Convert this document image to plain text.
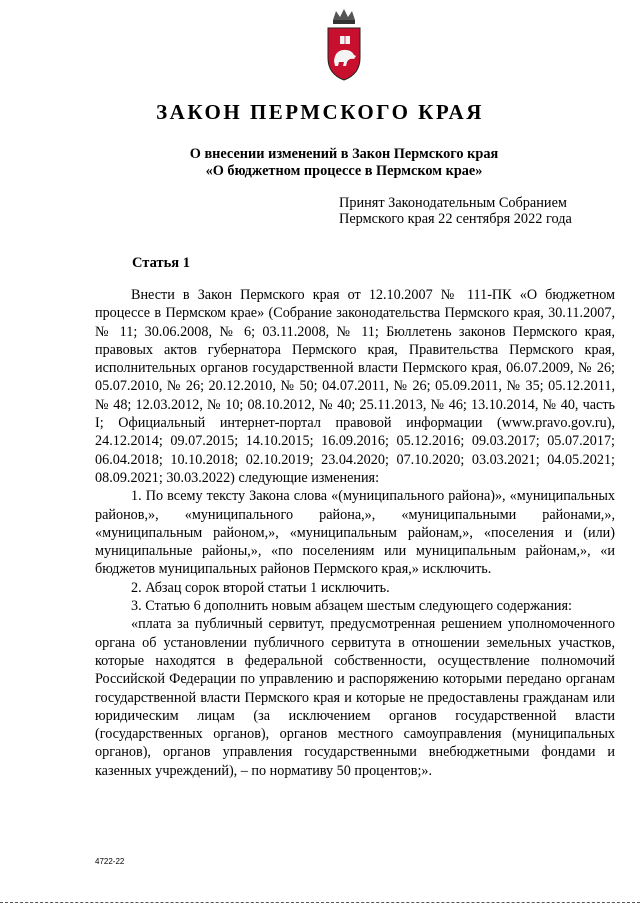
ЗАКОН ПЕРМСКОГО КРАЯ
О внесении изменений в Закон Пермского края
«О бюджетном процессе в Пермском крае»
Принят Законодательным Собранием
Пермского края 22 сентября 2022 года
Статья 1

Внести в Закон Пермского края от 12.10.2007 № 111-ПК «О бюджетном процессе в Пермском крае» (Собрание законодательства Пермского края, 30.11.2007, № 11; 30.06.2008, № 6; 03.11.2008, № 11; Бюллетень законов Пермского края, правовых актов губернатора Пермского края, Правительства Пермского края, исполнительных органов государственной власти Пермского края, 06.07.2009, № 26; 05.07.2010, № 26; 20.12.2010, № 50; 04.07.2011, № 26; 05.09.2011, № 35; 05.12.2011, № 48; 12.03.2012, № 10; 08.10.2012, № 40; 25.11.2013, № 46; 13.10.2014, № 40, часть I; Официальный интернет-портал правовой информации (www.pravo.gov.ru), 24.12.2014; 09.07.2015; 14.10.2015; 16.09.2016; 05.12.2016; 09.03.2017; 05.07.2017; 06.04.2018; 10.10.2018; 02.10.2019; 23.04.2020; 07.10.2020; 03.03.2021; 04.05.2021; 08.09.2021; 30.03.2022) следующие изменения:

1. По всему тексту Закона слова «(муниципального района)», «муниципальных районов,», «муниципального района,», «муниципальными районами,», «муниципальным районом,», «муниципальным районам,», «поселения и (или) муниципальные районы,», «по поселениям или муниципальным районам,», «и бюджетов муниципальных районов Пермского края,» исключить.

2. Абзац сорок второй статьи 1 исключить.

3. Статью 6 дополнить новым абзацем шестым следующего содержания:

«плата за публичный сервитут, предусмотренная решением уполномоченного органа об установлении публичного сервитута в отношении земельных участков, которые находятся в федеральной собственности, осуществление полномочий Российской Федерации по управлению и распоряжению которыми передано органам государственной власти Пермского края и которые не предоставлены гражданам или юридическим лицам (за исключением органов государственной власти (государственных органов), органов местного самоуправления (муниципальных органов), органов управления государственными внебюджетными фондами и казенных учреждений), – по нормативу 50 процентов;».

4722-22
